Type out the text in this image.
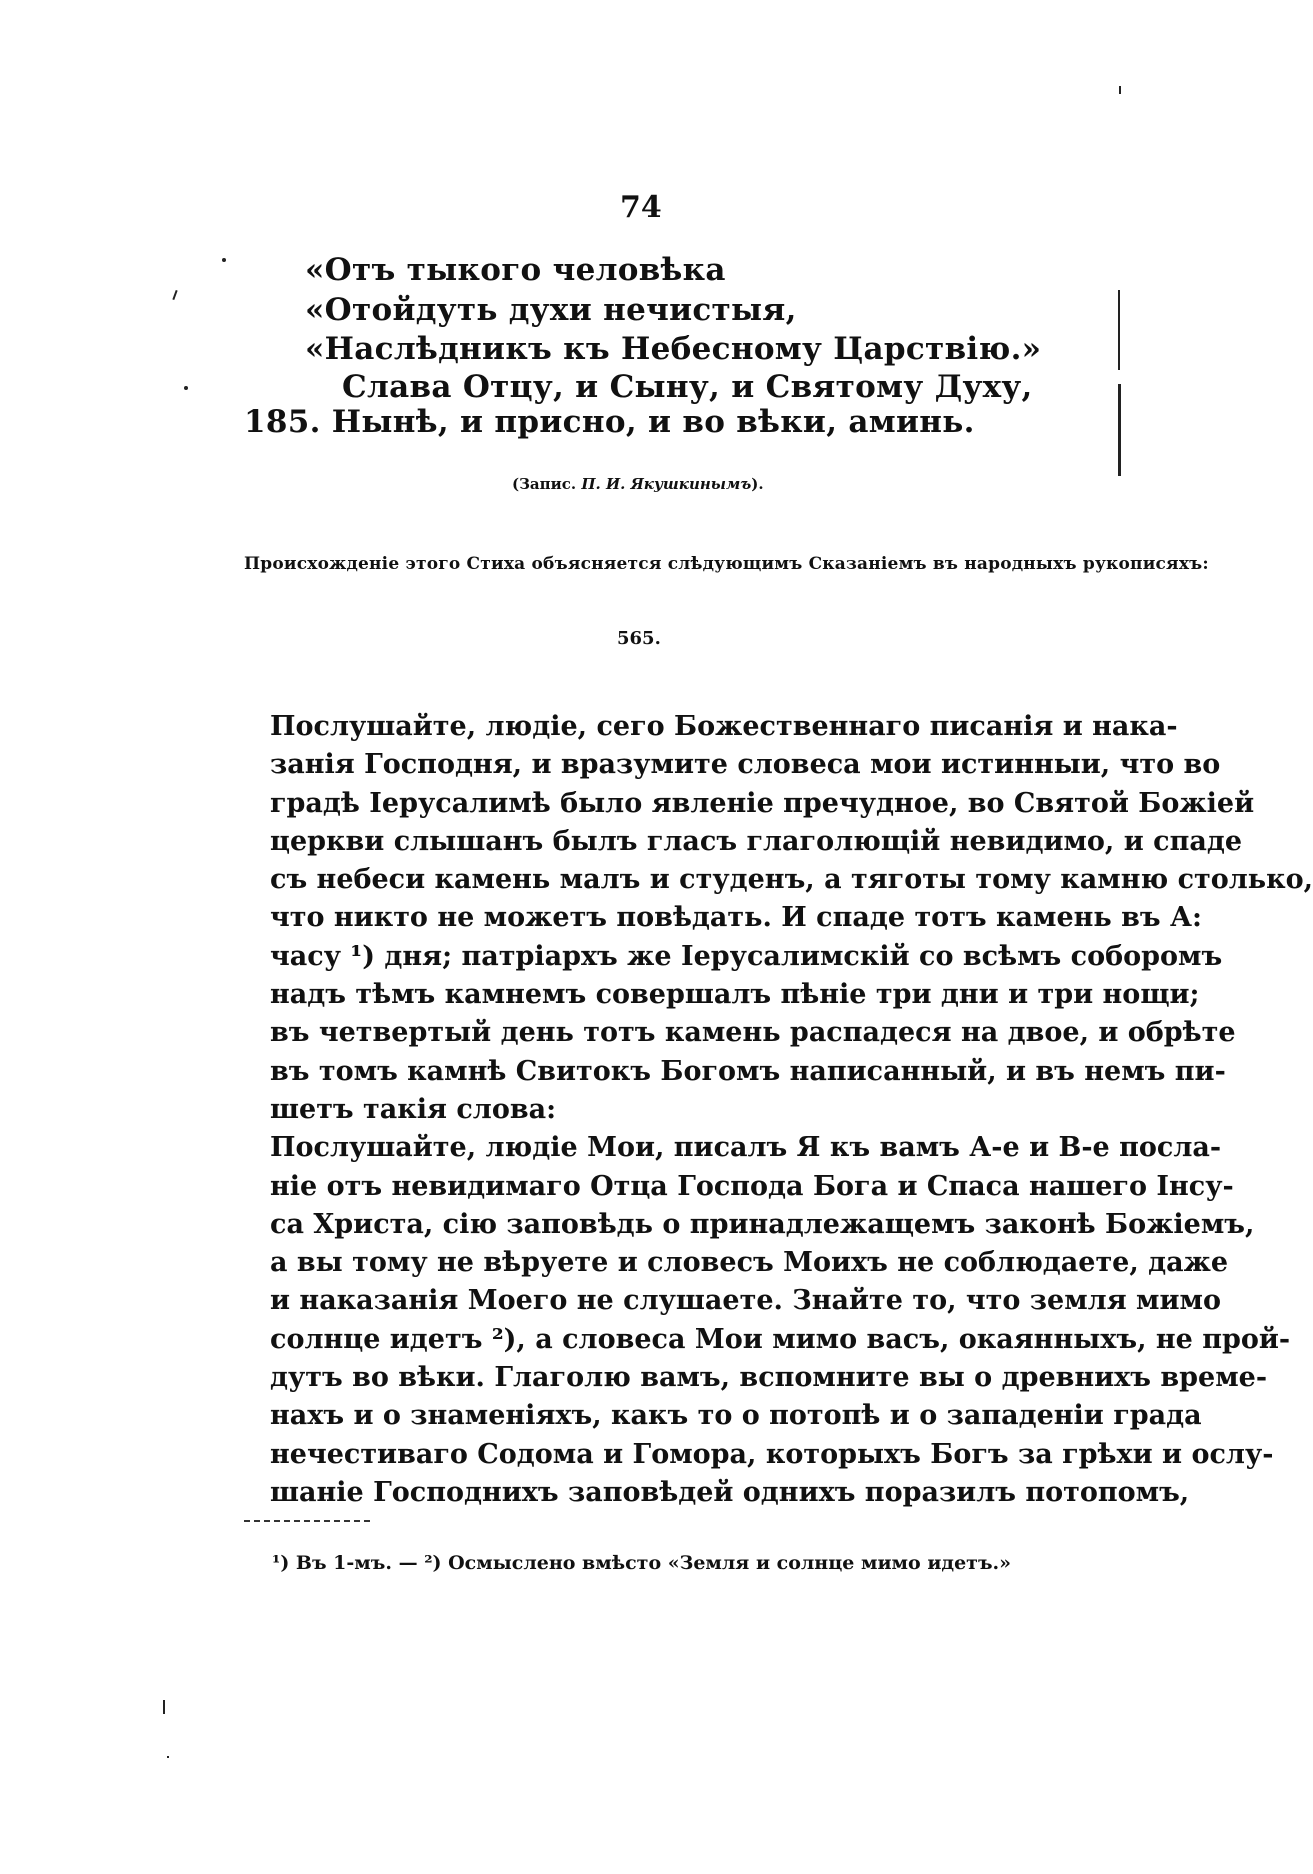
74
«Отъ тыкого человѣка
«Отойдуть духи нечистыя,
«Наслѣдникъ къ Небесному Царствію.»
Слава Отцу, и Сыну, и Святому Духу,
185. Нынѣ, и присно, и во вѣки, аминь.
(Запис. П. И. Якушкинымъ).
Происхожденіе этого Стиха объясняется слѣдующимъ Сказаніемъ въ народныхъ рукописяхъ:
565.
Послушайте, людіе, сего Божественнаго писанія и нака-
занія Господня, и вразумите словеса мои истинныи, что во
градѣ Іерусалимѣ было явленіе пречудное, во Святой Божіей
церкви слышанъ былъ гласъ глаголющій невидимо, и спаде
съ небеси камень малъ и студенъ, а тяготы тому камню столько,
что никто не можетъ повѣдать. И спаде тотъ камень въ А:
часу ¹) дня; патріархъ же Іерусалимскій со всѣмъ соборомъ
надъ тѣмъ камнемъ совершалъ пѣніе три дни и три нощи;
въ четвертый день тотъ камень распадеся на двое, и обрѣте
въ томъ камнѣ Свитокъ Богомъ написанный, и въ немъ пи-
шетъ такія слова:
Послушайте, людіе Мои, писалъ Я къ вамъ А-е и В-е посла-
ніе отъ невидимаго Отца Господа Бога и Спаса нашего Інсу-
са Христа, сію заповѣдь о принадлежащемъ законѣ Божіемъ,
а вы тому не вѣруете и словесъ Моихъ не соблюдаете, даже
и наказанія Моего не слушаете. Знайте то, что земля мимо
солнце идетъ ²), а словеса Мои мимо васъ, окаянныхъ, не прой-
дутъ во вѣки. Глаголю вамъ, вспомните вы о древнихъ време-
нахъ и о знаменіяхъ, какъ то о потопѣ и о западеніи града
нечестиваго Содома и Гомора, которыхъ Богъ за грѣхи и ослу-
шаніе Господнихъ заповѣдей однихъ поразилъ потопомъ,
¹) Въ 1-мъ. — ²) Осмыслено вмѣсто «Земля и солнце мимо идетъ.»
